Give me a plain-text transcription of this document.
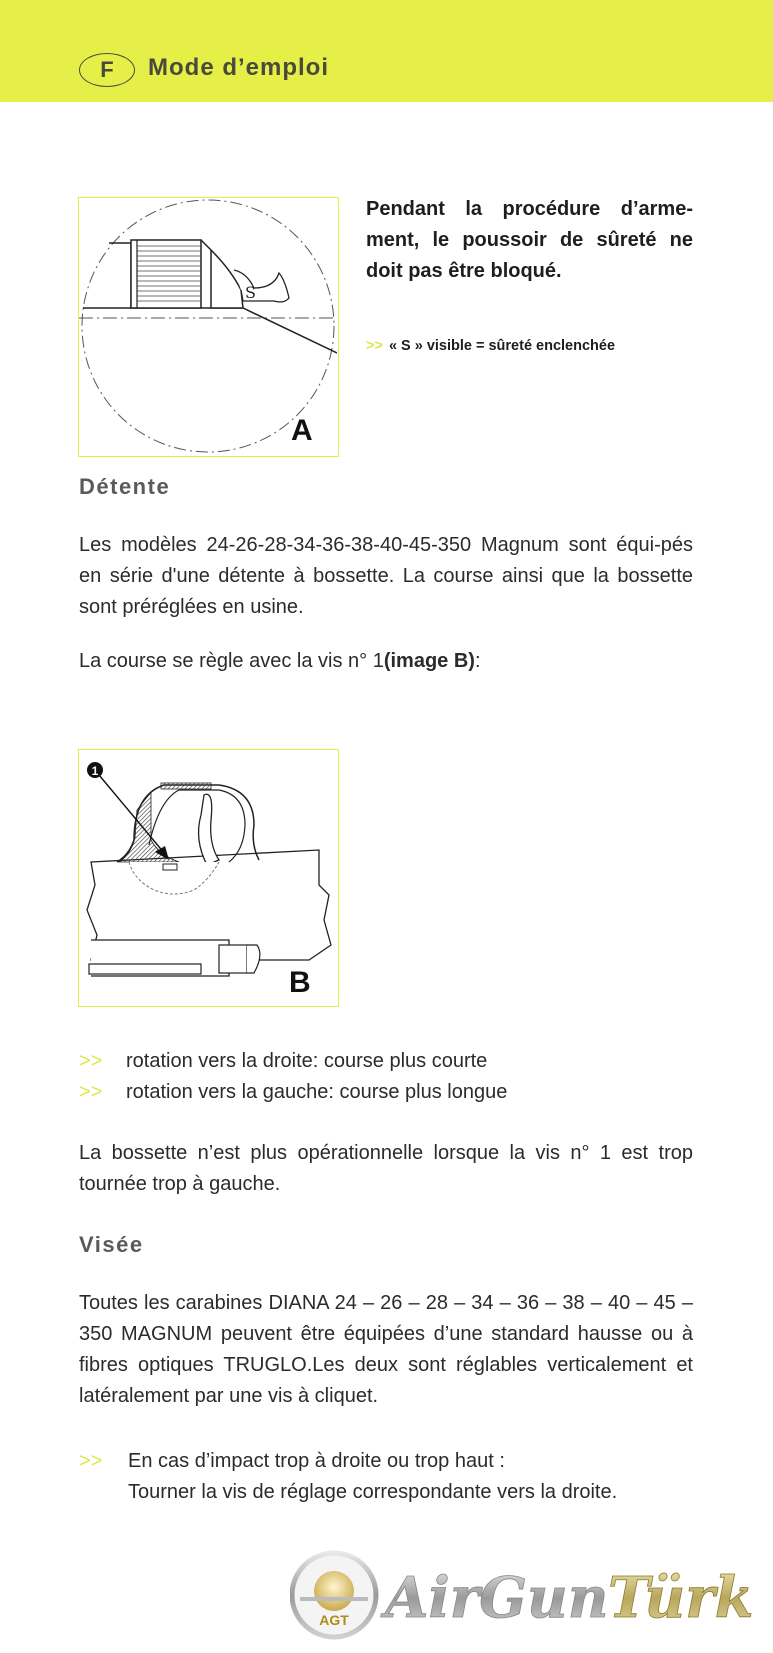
F	Mode d’emploi
S
A
Pendant la procédure d’arme-ment, le poussoir de sûreté ne doit pas être bloqué.
>> « S » visible = sûreté enclenchée
Détente
Les modèles 24-26-28-34-36-38-40-45-350 Magnum sont équi-pés en série d'une détente à bossette. La course ainsi que la bossette sont préréglées en usine.
La course se règle avec la vis n° 1(image B):
1
B
>> rotation vers la droite: course plus courte
>> rotation vers la gauche: course plus longue
La bossette n’est plus opérationnelle lorsque la vis n° 1 est trop tournée trop à gauche.
Visée
Toutes les carabines DIANA 24 – 26 – 28 – 34 – 36 – 38 – 40 – 45 – 350 MAGNUM peuvent être équipées d’une standard hausse ou à fibres optiques TRUGLO.Les deux sont réglables verticalement et latéralement par une vis à cliquet.
>> En cas d’impact trop à droite ou trop haut :
Tourner la vis de réglage correspondante vers la droite.
AGT AirGun Türk
